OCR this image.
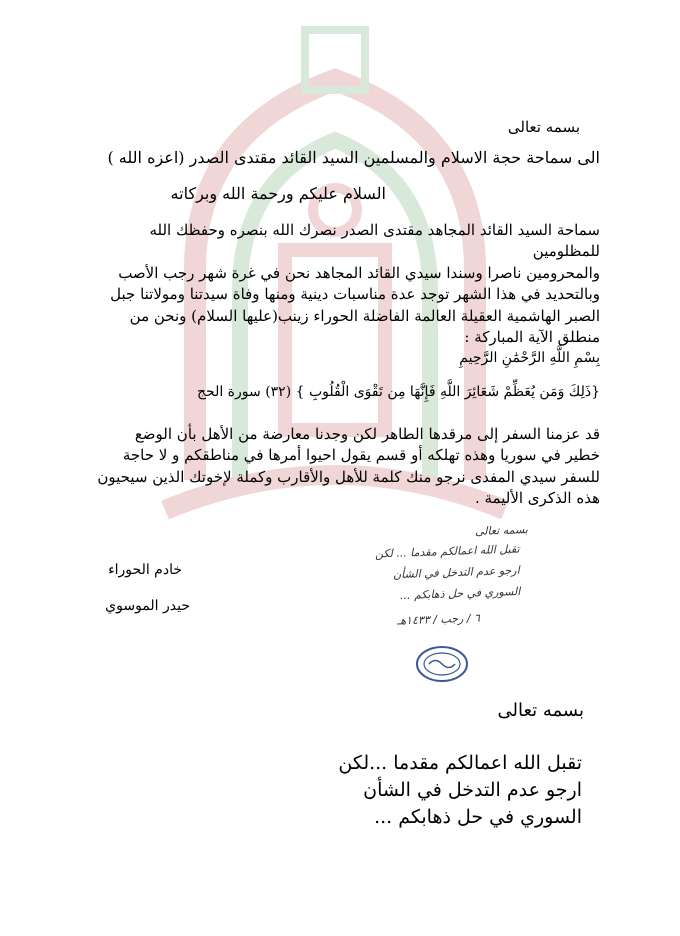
بسمه تعالى
الى سماحة حجة الاسلام والمسلمين السيد القائد مقتدى الصدر (اعزه الله )
السلام عليكم ورحمة الله وبركاته
سماحة السيد القائد المجاهد مقتدى الصدر نصرك الله بنصره وحفظك الله للمظلومين
والمحرومين ناصرا وسندا سيدي القائد المجاهد نحن في غرة شهر رجب الأصب
وبالتحديد في هذا الشهر توجد عدة مناسبات دينية ومنها وفاة سيدتنا ومولاتنا جبل
الصبر الهاشمية العقيلة العالمة الفاضلة الحوراء زينب(عليها السلام) ونحن من
منطلق الآية المباركة :
بِسْمِ اللَّهِ الرَّحْمَٰنِ الرَّحِيمِ
{ذَلِكَ وَمَن يُعَظِّمْ شَعَائِرَ اللَّهِ فَإِنَّهَا مِن تَقْوَى الْقُلُوبِ } (٣٢) سورة الحج
قد عزمنا السفر إلى مرقدها الطاهر لكن وجدنا معارضة من الأهل بأن الوضع
خطير في سوريا وهذه تهلكه أو قسم يقول احيوا أمرها في مناطقكم و لا حاجة
للسفر سيدي المفدى نرجو منك كلمة للأهل والأقارب وكملة لإخوتك الذين سيحيون
هذه الذكرى الأليمة .
خادم الحوراء
حيدر الموسوي
بسمه تعالى
تقبل الله اعمالكم مقدما ... لكن
ارجو عدم التدخل في الشأن
السوري في حل ذهابكم ...
٦ / رجب / ١٤٣٣هـ
بسمه تعالى
تقبل الله اعمالكم مقدما ...لكن
ارجو عدم التدخل في الشأن
السوري في حل ذهابكم ...
